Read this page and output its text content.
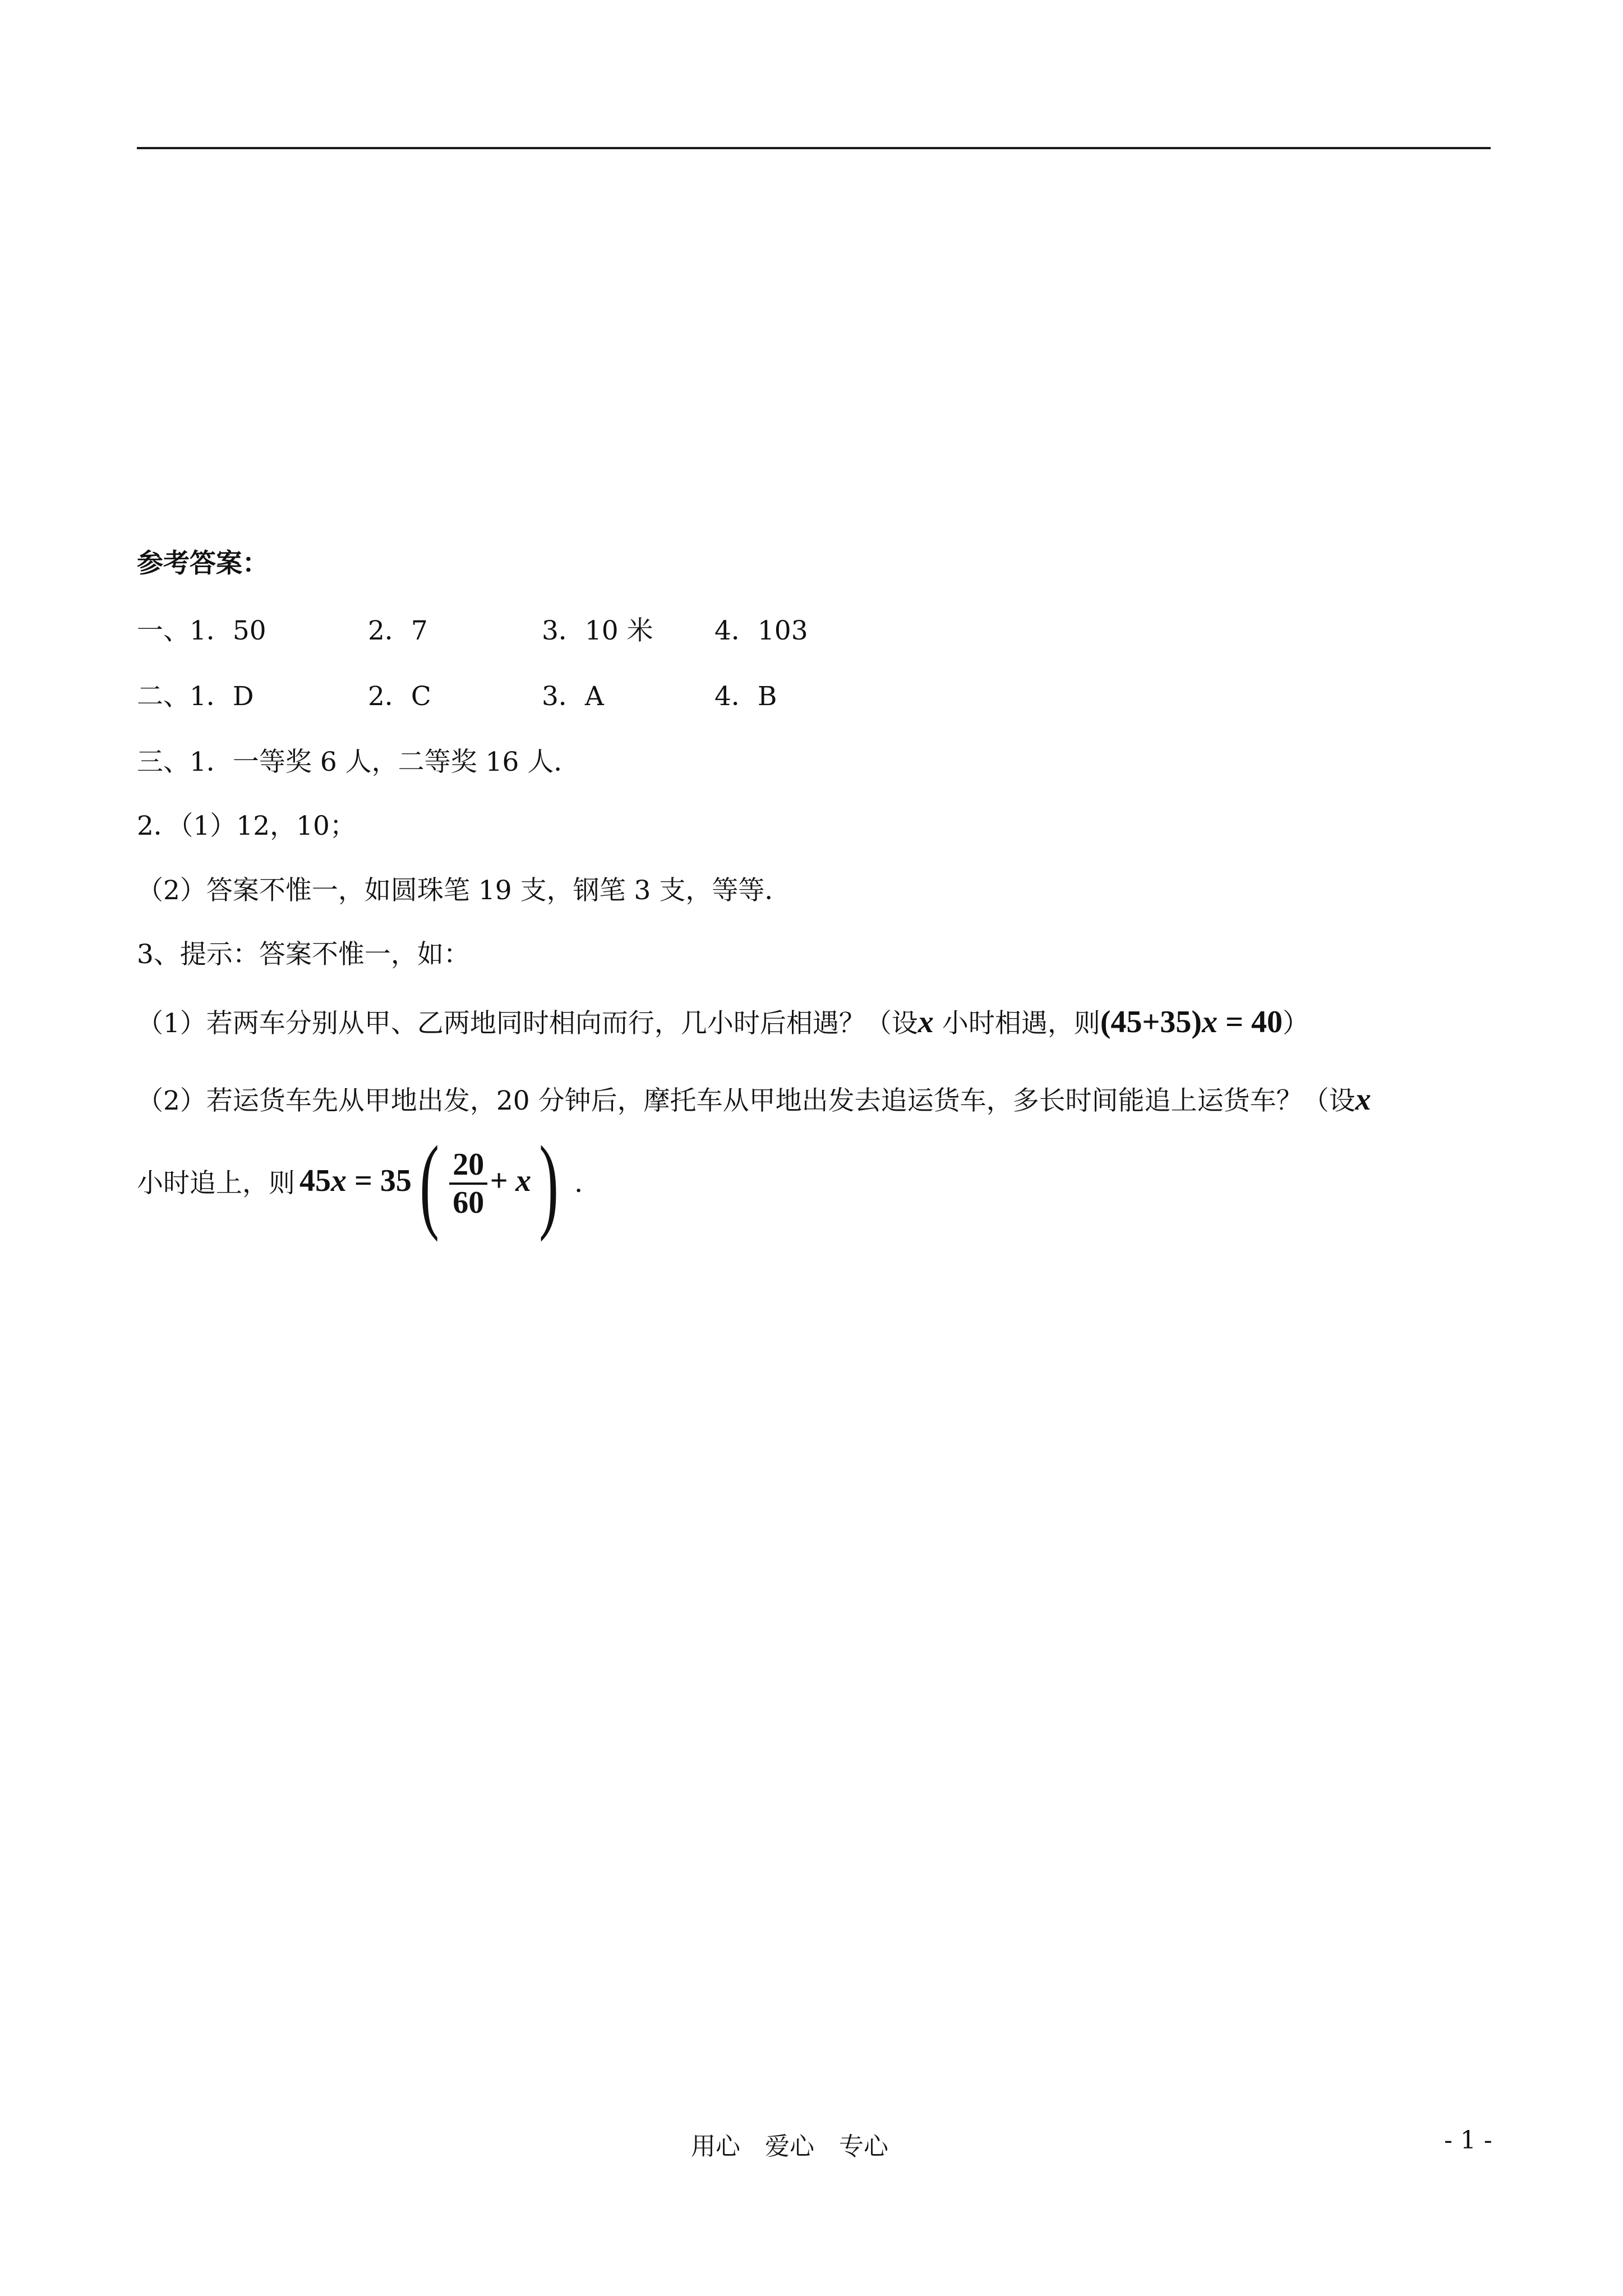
参考答案：
一、 1．50	2．7	3．10 米 4．103
二、 1．D	2．C	3．A	4．B
三、1．一等奖 6 人，二等奖 16 人．
2．（1）12，10；
（2）答案不惟一，如圆珠笔 19 支，钢笔 3 支，等等．
3、提示：答案不惟一，如：
（1）若两车分别从甲、乙两地同时相向而行，几小时后相遇？（设x 小时相遇，则(45+35)x = 40）
（2）若运货车先从甲地出发，20 分钟后，摩托车从甲地出发去追运货车，多长时间能追上运货车？（设x
小时追上，则 $45x = 35( \frac{20}{60} + x)$ ．
用心　爱心　专心	- 1 -
